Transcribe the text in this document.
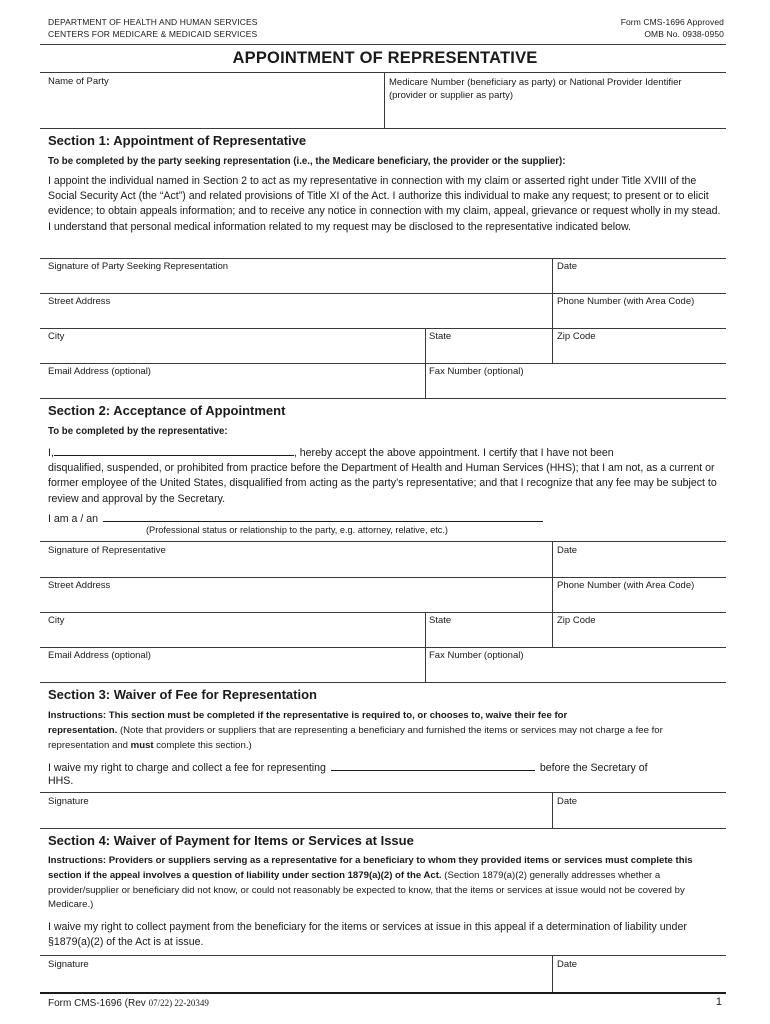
DEPARTMENT OF HEALTH AND HUMAN SERVICES
CENTERS FOR MEDICARE & MEDICAID SERVICES
Form CMS-1696 Approved
OMB No. 0938-0950
APPOINTMENT OF REPRESENTATIVE
Name of Party	Medicare Number (beneficiary as party) or National Provider Identifier
(provider or supplier as party)
Section 1: Appointment of Representative
To be completed by the party seeking representation (i.e., the Medicare beneficiary, the provider or the supplier):
I appoint the individual named in Section 2 to act as my representative in connection with my claim or asserted right under Title XVIII of the Social Security Act (the “Act”) and related provisions of Title XI of the Act. I authorize this individual to make any request; to present or to elicit evidence; to obtain appeals information; and to receive any notice in connection with my claim, appeal, grievance or request wholly in my stead. I understand that personal medical information related to my request may be disclosed to the representative indicated below.
Signature of Party Seeking Representation	Date
Street Address	Phone Number (with Area Code)
City	State	Zip Code
Email Address (optional)	Fax Number (optional)
Section 2: Acceptance of Appointment
To be completed by the representative:
I,	, hereby accept the above appointment. I certify that I have not been
disqualified, suspended, or prohibited from practice before the Department of Health and Human Services (HHS); that I am not, as a current or former employee of the United States, disqualified from acting as the party’s representative; and that I recognize that any fee may be subject to review and approval by the Secretary.
I am a / an
(Professional status or relationship to the party, e.g. attorney, relative, etc.)
Signature of Representative	Date
Street Address	Phone Number (with Area Code)
City	State	Zip Code
Email Address (optional)	Fax Number (optional)
Section 3: Waiver of Fee for Representation
Instructions: This section must be completed if the representative is required to, or chooses to, waive their fee for
representation. (Note that providers or suppliers that are representing a beneficiary and furnished the items or services may not charge a fee for representation and must complete this section.)
I waive my right to charge and collect a fee for representing	before the Secretary of
HHS.
Signature	Date
Section 4: Waiver of Payment for Items or Services at Issue
Instructions: Providers or suppliers serving as a representative for a beneficiary to whom they provided items or services must complete this section if the appeal involves a question of liability under section 1879(a)(2) of the Act. (Section 1879(a)(2) generally addresses whether a provider/supplier or beneficiary did not know, or could not reasonably be expected to know, that the items or services at issue would not be covered by Medicare.)
I waive my right to collect payment from the beneficiary for the items or services at issue in this appeal if a determination of liability under §1879(a)(2) of the Act is at issue.
Signature	Date
Form CMS-1696 (Rev 07/22) 22-20349	1
